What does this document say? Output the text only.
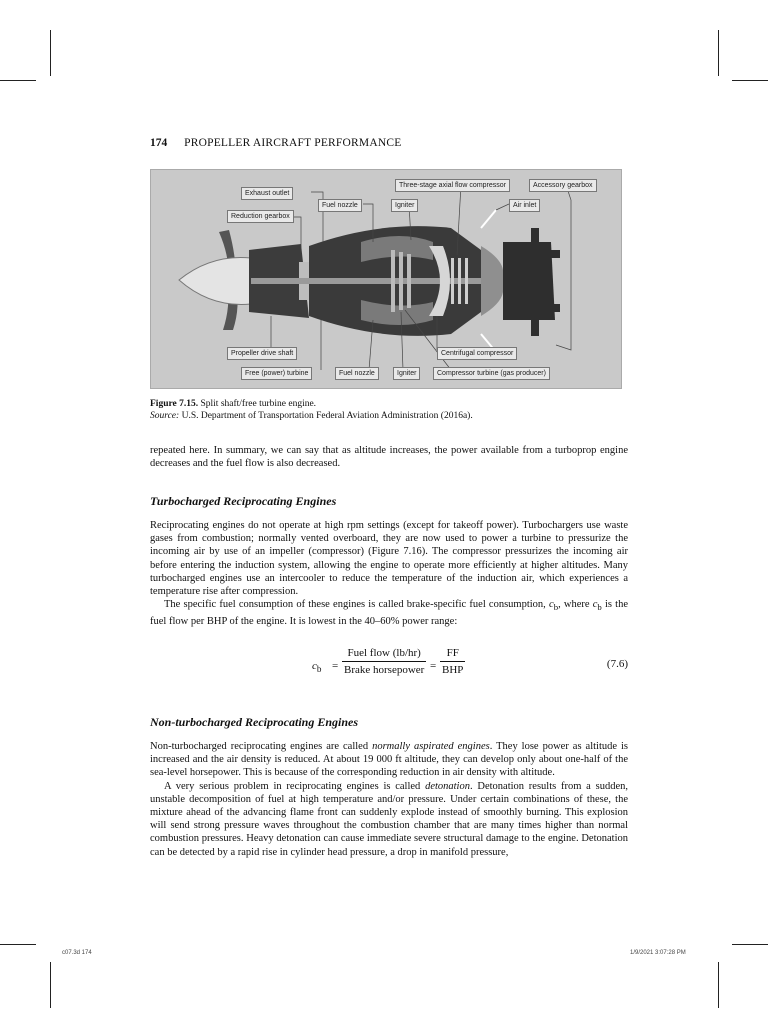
174 PROPELLER AIRCRAFT PERFORMANCE
Exhaust outlet
Reduction gearbox
Fuel nozzle	Igniter
Three-stage axial flow compressor	Accessory gearbox
Air inlet
Propeller drive shaft
Free (power) turbine	Fuel nozzle	Igniter
Centrifugal compressor
Compressor turbine (gas producer)
Figure 7.15. Split shaft/free turbine engine.
Source: U.S. Department of Transportation Federal Aviation Administration (2016a).

repeated here. In summary, we can say that as altitude increases, the power available from a turboprop engine decreases and the fuel flow is also decreased.

Turbocharged Reciprocating Engines

Reciprocating engines do not operate at high rpm settings (except for takeoff power). Turbochargers use waste gases from combustion; normally vented overboard, they are now used to power a turbine to pressurize the incoming air by use of an impeller (compressor) (Figure 7.16). The compressor pressurizes the incoming air before entering the induction system, allowing the engine to operate more efficiently at higher altitudes. Many turbocharged engines use an intercooler to reduce the temperature of the induction air, which experiences a temperature rise after compression.

The specific fuel consumption of these engines is called brake-specific fuel consumption, $c_b$, where $c_b$ is the fuel flow per BHP of the engine. It is lowest in the 40–60% power range:

$c_b$ =
Fuel flow (lb/hr)
Brake horsepower =
FF
BHP	(7.6)
Non-turbocharged Reciprocating Engines

Non-turbocharged reciprocating engines are called normally aspirated engines. They lose power as altitude is increased and the air density is reduced. At about 19 000 ft altitude, they can develop only about one-half of the sea-level horsepower. This is because of the corresponding reduction in air density with altitude.

A very serious problem in reciprocating engines is called detonation. Detonation results from a sudden, unstable decomposition of fuel at high temperature and/or pressure. Under certain combinations of these, the mixture ahead of the advancing flame front can suddenly explode instead of smoothly burning. This explosion will send strong pressure waves throughout the combustion chamber that are many times higher than normal combustion pressures. Heavy detonation can cause immediate severe structural damage to the engine. Detonation can be detected by a rapid rise in cylinder head pressure, a drop in manifold pressure,

c07.3d 174	1/9/2021 3:07:28 PM
